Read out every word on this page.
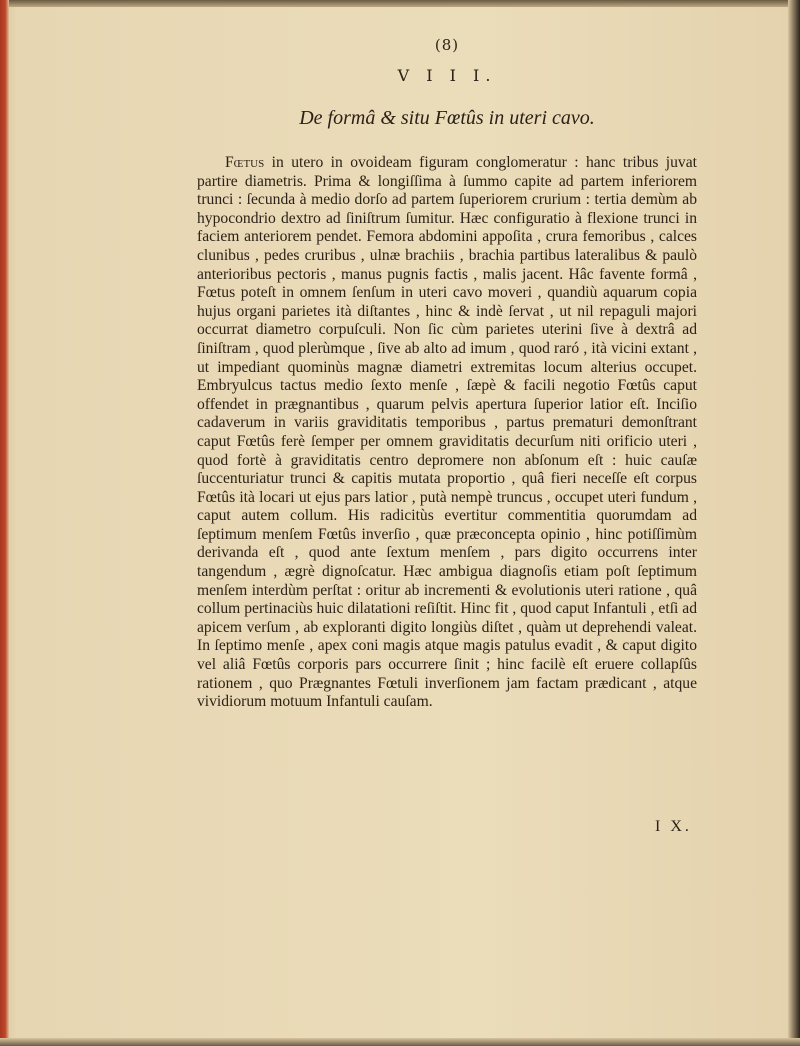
(8)
V I I I.
De formâ & situ Fœtûs in uteri cavo.

Fœtus in utero in ovoideam figuram conglomeratur : hanc tribus juvat partire diametris. Prima & longiſſima à ſummo capite ad partem inferiorem trunci : ſecunda à medio dorſo ad partem ſuperiorem crurium : tertia demùm ab hypocondrio dextro ad ſiniſtrum ſumitur. Hæc configuratio à flexione trunci in faciem anteriorem pendet. Femora abdomini appoſita , crura femoribus , calces clunibus , pedes cruribus , ulnæ brachiis , brachia partibus lateralibus & paulò anterioribus pectoris , manus pugnis factis , malis jacent. Hâc favente formâ , Fœtus poteſt in omnem ſenſum in uteri cavo moveri , quandiù aquarum copia hujus organi parietes ità diſtantes , hinc & indè ſervat , ut nil repaguli majori occurrat diametro corpuſculi. Non ſic cùm parietes uterini ſive à dextrâ ad ſiniſtram , quod plerùmque , ſive ab alto ad imum , quod raró , ità vicini extant , ut impediant quominùs magnæ diametri extremitas locum alterius occupet. Embryulcus tactus medio ſexto menſe , ſæpè & facili negotio Fœtûs caput offendet in prægnantibus , quarum pelvis apertura ſuperior latior eſt. Inciſio cadaverum in variis graviditatis temporibus , partus prematuri demonſtrant caput Fœtûs ferè ſemper per omnem graviditatis decurſum niti orificio uteri , quod fortè à graviditatis centro depromere non abſonum eſt : huic cauſæ ſuccenturiatur trunci & capitis mutata proportio , quâ fieri neceſſe eſt corpus Fœtûs ità locari ut ejus pars latior , putà nempè truncus , occupet uteri fundum , caput autem collum. His radicitùs evertitur commentitia quorumdam ad ſeptimum menſem Fœtûs inverſio , quæ præconcepta opinio , hinc potiſſimùm derivanda eſt , quod ante ſextum menſem , pars digito occurrens inter tangendum , ægrè dignoſcatur. Hæc ambigua diagnoſis etiam poſt ſeptimum menſem interdùm perſtat : oritur ab incrementi & evolutionis uteri ratione , quâ collum pertinaciùs huic dilatationi reſiſtit. Hinc fit , quod caput Infantuli , etſi ad apicem verſum , ab exploranti digito longiùs diſtet , quàm ut deprehendi valeat. In ſeptimo menſe , apex coni magis atque magis patulus evadit , & caput digito vel aliâ Fœtûs corporis pars occurrere ſinit ; hinc facilè eſt eruere collapſûs rationem , quo Prægnantes Fœtuli inverſionem jam factam prædicant , atque vividiorum motuum Infantuli cauſam.

I X.
